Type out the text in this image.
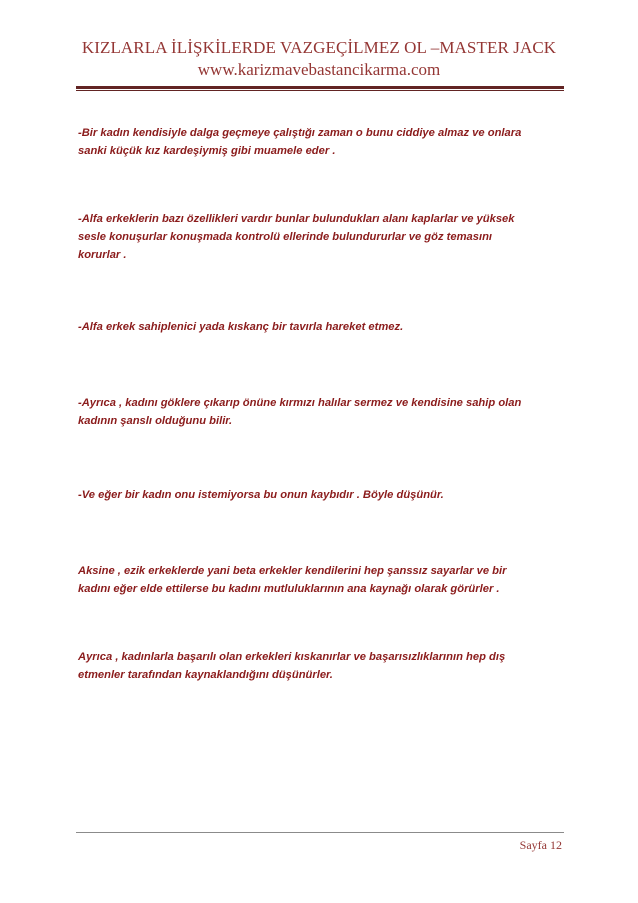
KIZLARLA İLİŞKİLERDE VAZGEÇİLMEZ OL –MASTER JACK
www.karizmavebastancikarma.com

-Bir kadın kendisiyle dalga geçmeye çalıştığı zaman o bunu ciddiye almaz ve onlara
sanki küçük kız kardeşiymiş gibi muamele eder .

-Alfa erkeklerin bazı özellikleri vardır bunlar bulundukları alanı kaplarlar ve yüksek
sesle konuşurlar konuşmada kontrolü ellerinde bulundururlar ve göz temasını
korurlar .

-Alfa erkek sahiplenici yada kıskanç bir tavırla hareket etmez.

-Ayrıca , kadını göklere çıkarıp önüne kırmızı halılar sermez ve kendisine sahip olan
kadının şanslı olduğunu bilir.

-Ve eğer bir kadın onu istemiyorsa bu onun kaybıdır . Böyle düşünür.

Aksine , ezik erkeklerde yani beta erkekler kendilerini hep şanssız sayarlar ve bir
kadını eğer elde ettilerse bu kadını mutluluklarının ana kaynağı olarak görürler .

Ayrıca , kadınlarla başarılı olan erkekleri kıskanırlar ve başarısızlıklarının hep dış
etmenler tarafından kaynaklandığını düşünürler.

Sayfa 12
